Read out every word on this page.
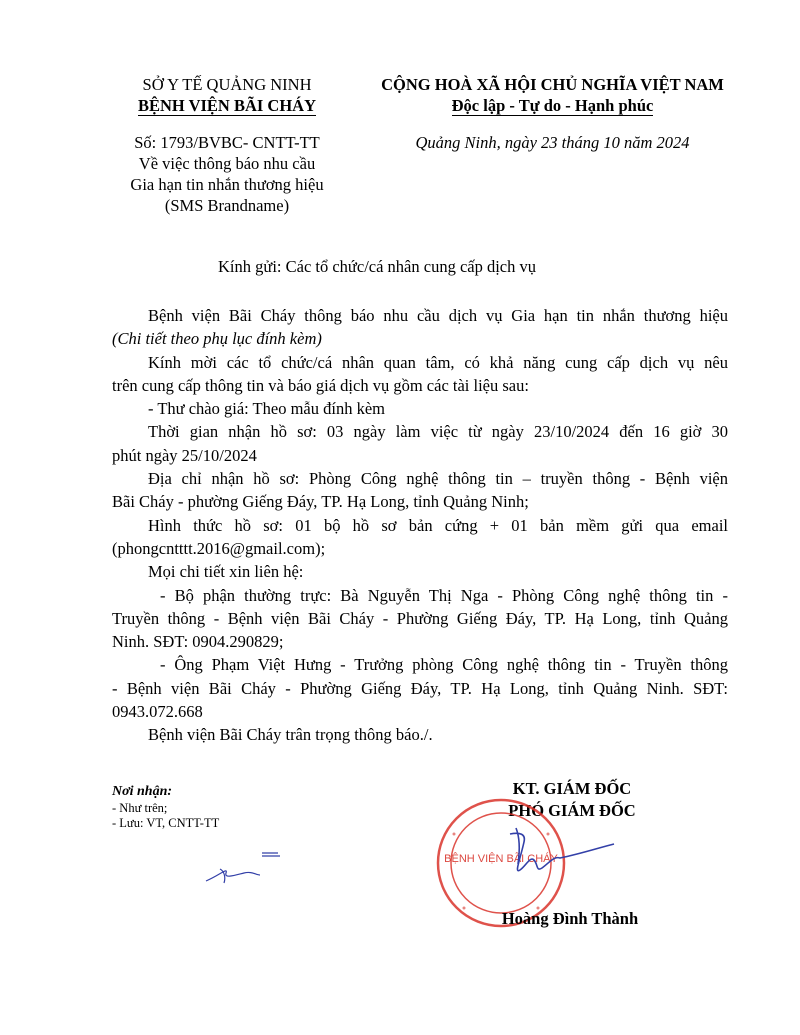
SỞ Y TẾ QUẢNG NINH
BỆNH VIỆN BÃI CHÁY
CỘNG HOÀ XÃ HỘI CHỦ NGHĨA VIỆT NAM
Độc lập - Tự do - Hạnh phúc
Số: 1793/BVBC- CNTT-TT
Về việc thông báo nhu cầu
Gia hạn tin nhắn thương hiệu
(SMS Brandname)
Quảng Ninh, ngày 23 tháng 10 năm 2024
Kính gửi: Các tổ chức/cá nhân cung cấp dịch vụ
Bệnh viện Bãi Cháy thông báo nhu cầu dịch vụ Gia hạn tin nhắn thương hiệu
(Chi tiết theo phụ lục đính kèm)
Kính mời các tổ chức/cá nhân quan tâm, có khả năng cung cấp dịch vụ nêu
trên cung cấp thông tin và báo giá dịch vụ gồm các tài liệu sau:
- Thư chào giá: Theo mẫu đính kèm
Thời gian nhận hồ sơ: 03 ngày làm việc từ ngày 23/10/2024 đến 16 giờ 30
phút ngày 25/10/2024
Địa chỉ nhận hồ sơ: Phòng Công nghệ thông tin – truyền thông - Bệnh viện
Bãi Cháy - phường Giếng Đáy, TP. Hạ Long, tỉnh Quảng Ninh;
Hình thức hồ sơ: 01 bộ hồ sơ bản cứng + 01 bản mềm gửi qua email
(phongcntttt.2016@gmail.com);
Mọi chi tiết xin liên hệ:
- Bộ phận thường trực: Bà Nguyễn Thị Nga - Phòng Công nghệ thông tin -
Truyền thông - Bệnh viện Bãi Cháy - Phường Giếng Đáy, TP. Hạ Long, tỉnh Quảng
Ninh. SĐT: 0904.290829;
- Ông Phạm Việt Hưng - Trưởng phòng Công nghệ thông tin - Truyền thông
- Bệnh viện Bãi Cháy - Phường Giếng Đáy, TP. Hạ Long, tỉnh Quảng Ninh. SĐT:
0943.072.668
Bệnh viện Bãi Cháy trân trọng thông báo./.
Nơi nhận:
- Như trên;
- Lưu: VT, CNTT-TT
KT. GIÁM ĐỐC
PHÓ GIÁM ĐỐC
BỆNH VIỆN BÃI CHÁY
Hoàng Đình Thành
